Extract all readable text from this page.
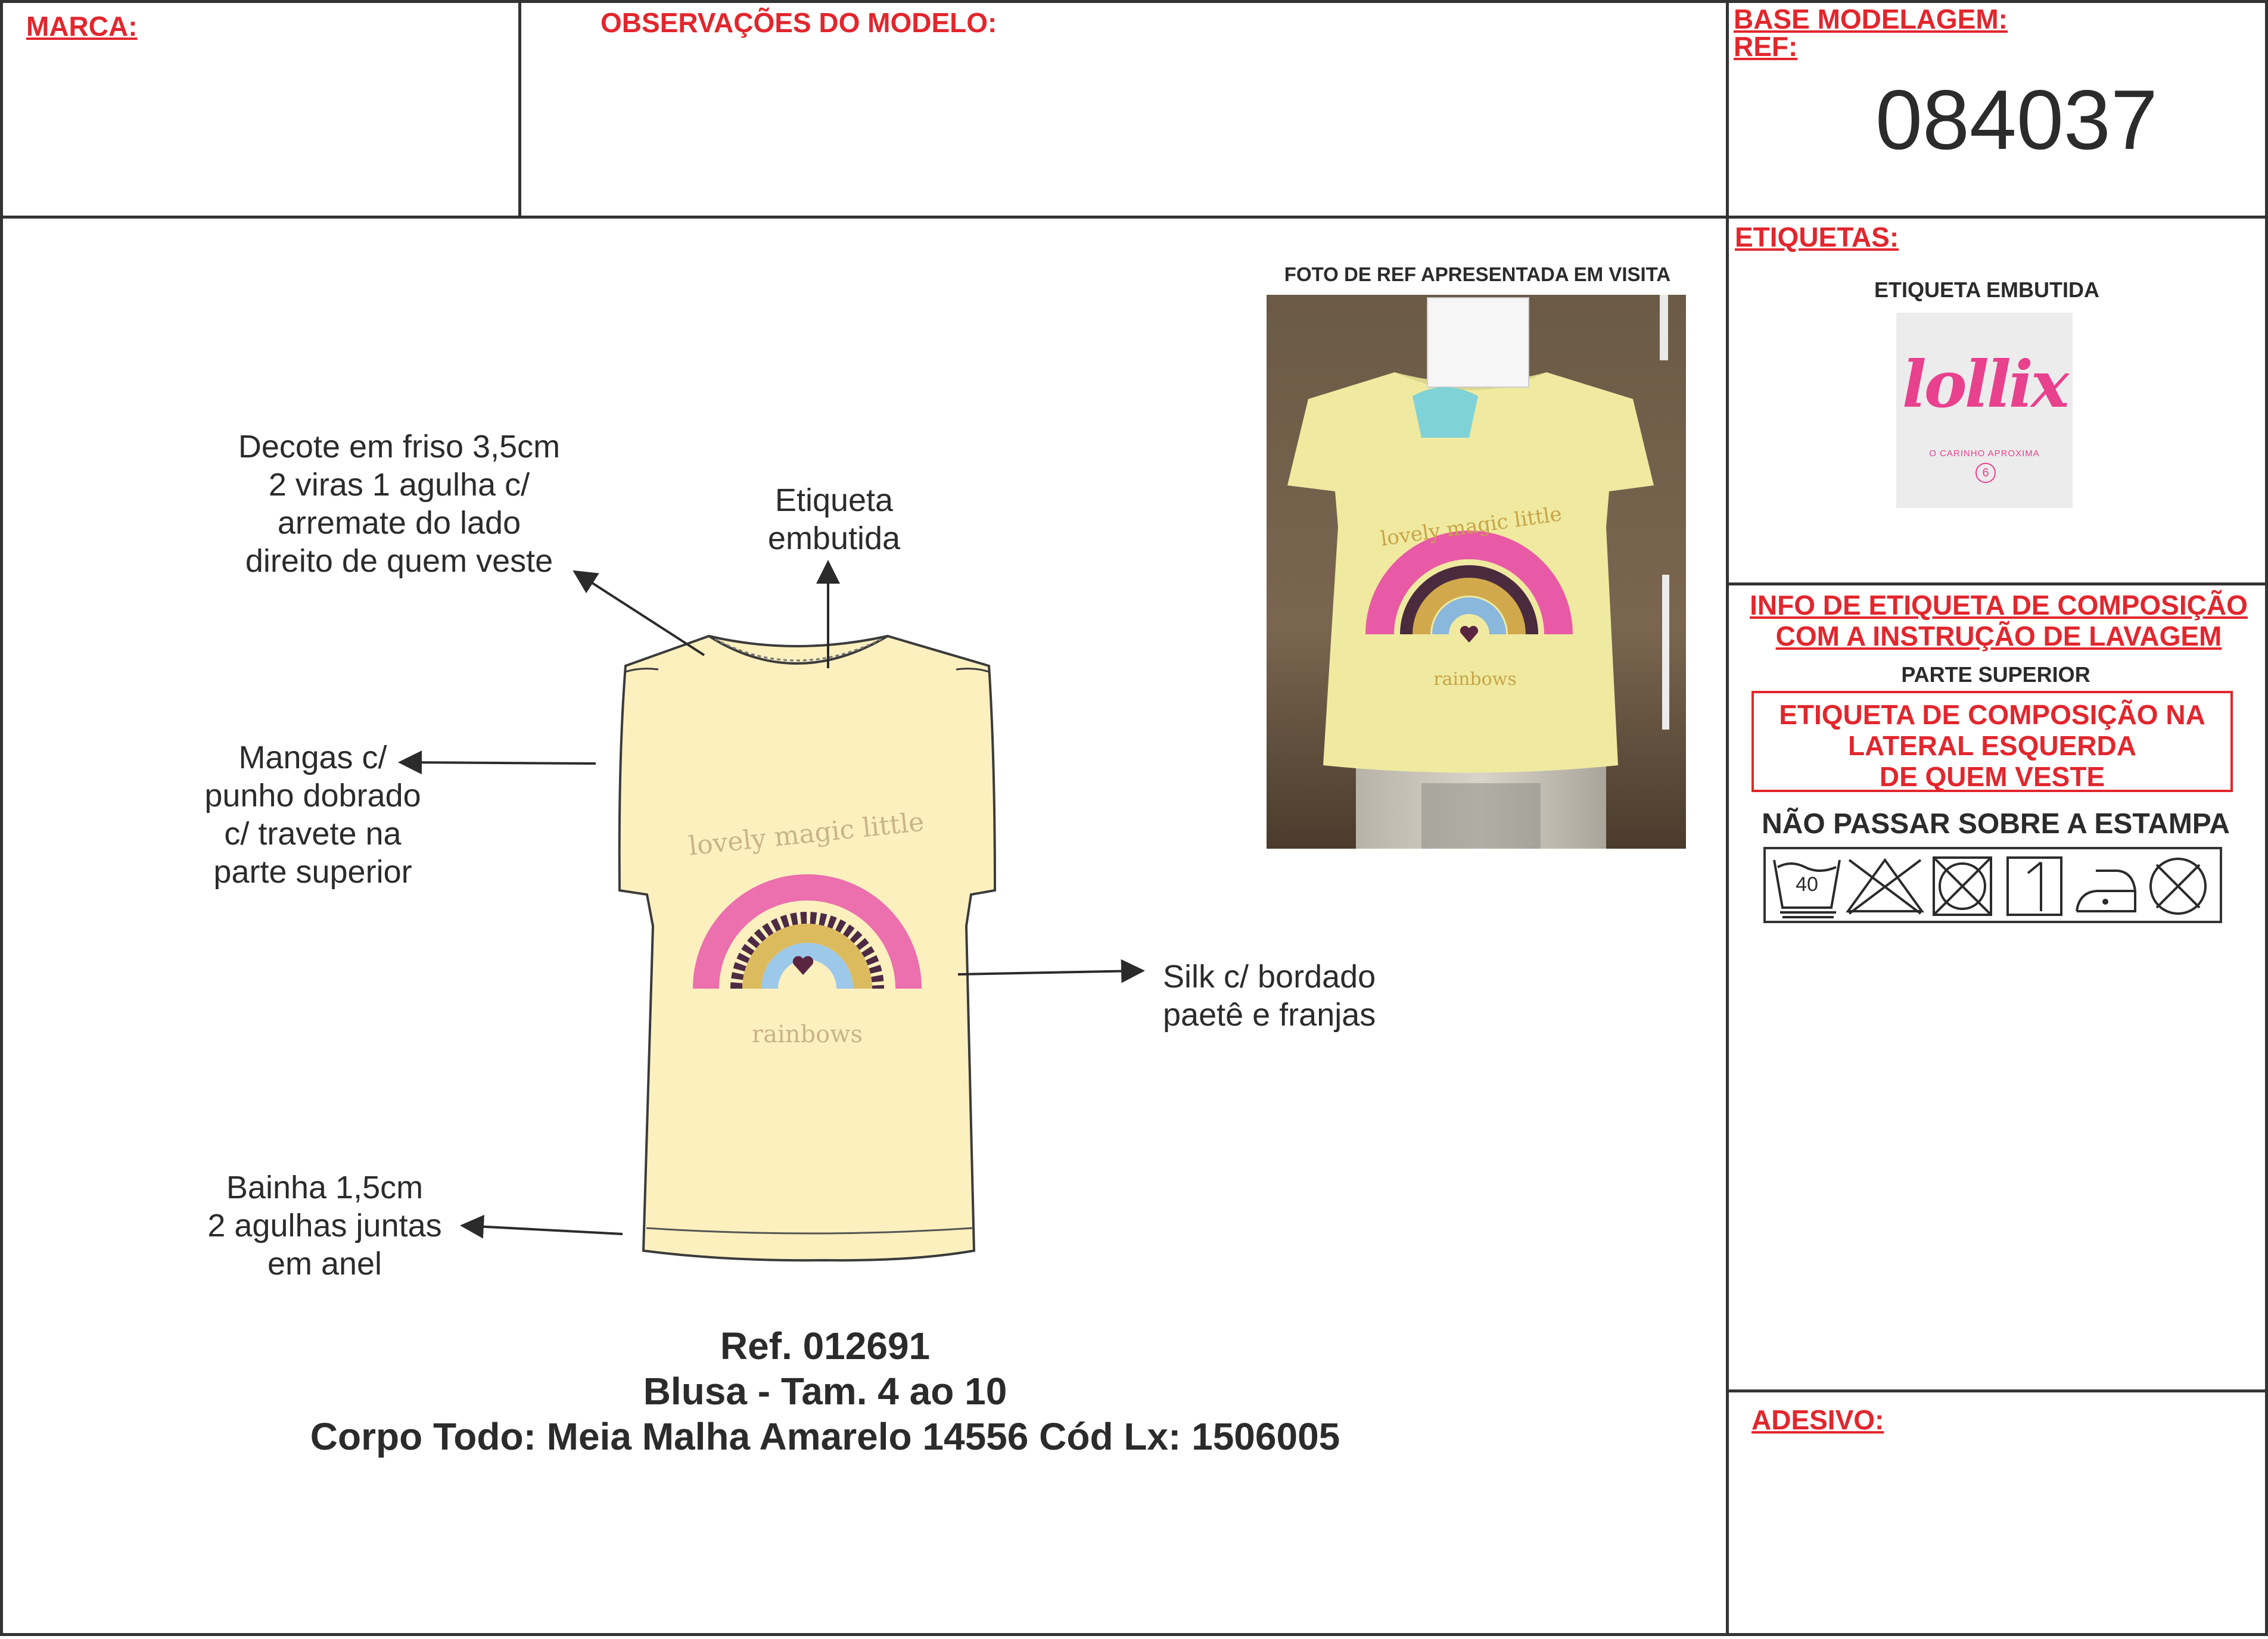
MARCA:	OBSERVAÇÕES DO MODELO:	BASE MODELAGEM:
REF:
084037
FOTO DE REF APRESENTADA EM VISITA
lovely magic little
rainbows
lovely magic little
rainbows
Decote em friso 3,5cm
2 viras 1 agulha c/
arremate do lado
direito de quem veste
Etiqueta
embutida
Mangas c/
punho dobrado
c/ travete na
parte superior
Silk c/ bordado
paetê e franjas
Bainha 1,5cm
2 agulhas juntas
em anel
Ref. 012691
Blusa - Tam. 4 ao 10
Corpo Todo: Meia Malha Amarelo 14556 Cód Lx: 1506005
ETIQUETAS:
ETIQUETA EMBUTIDA
lollix
O CARINHO APROXIMA
6
INFO DE ETIQUETA DE COMPOSIÇÃO
COM A INSTRUÇÃO DE LAVAGEM
PARTE SUPERIOR
ETIQUETA DE COMPOSIÇÃO NA
LATERAL ESQUERDA
DE QUEM VESTE
NÃO PASSAR SOBRE A ESTAMPA
40
ADESIVO:
